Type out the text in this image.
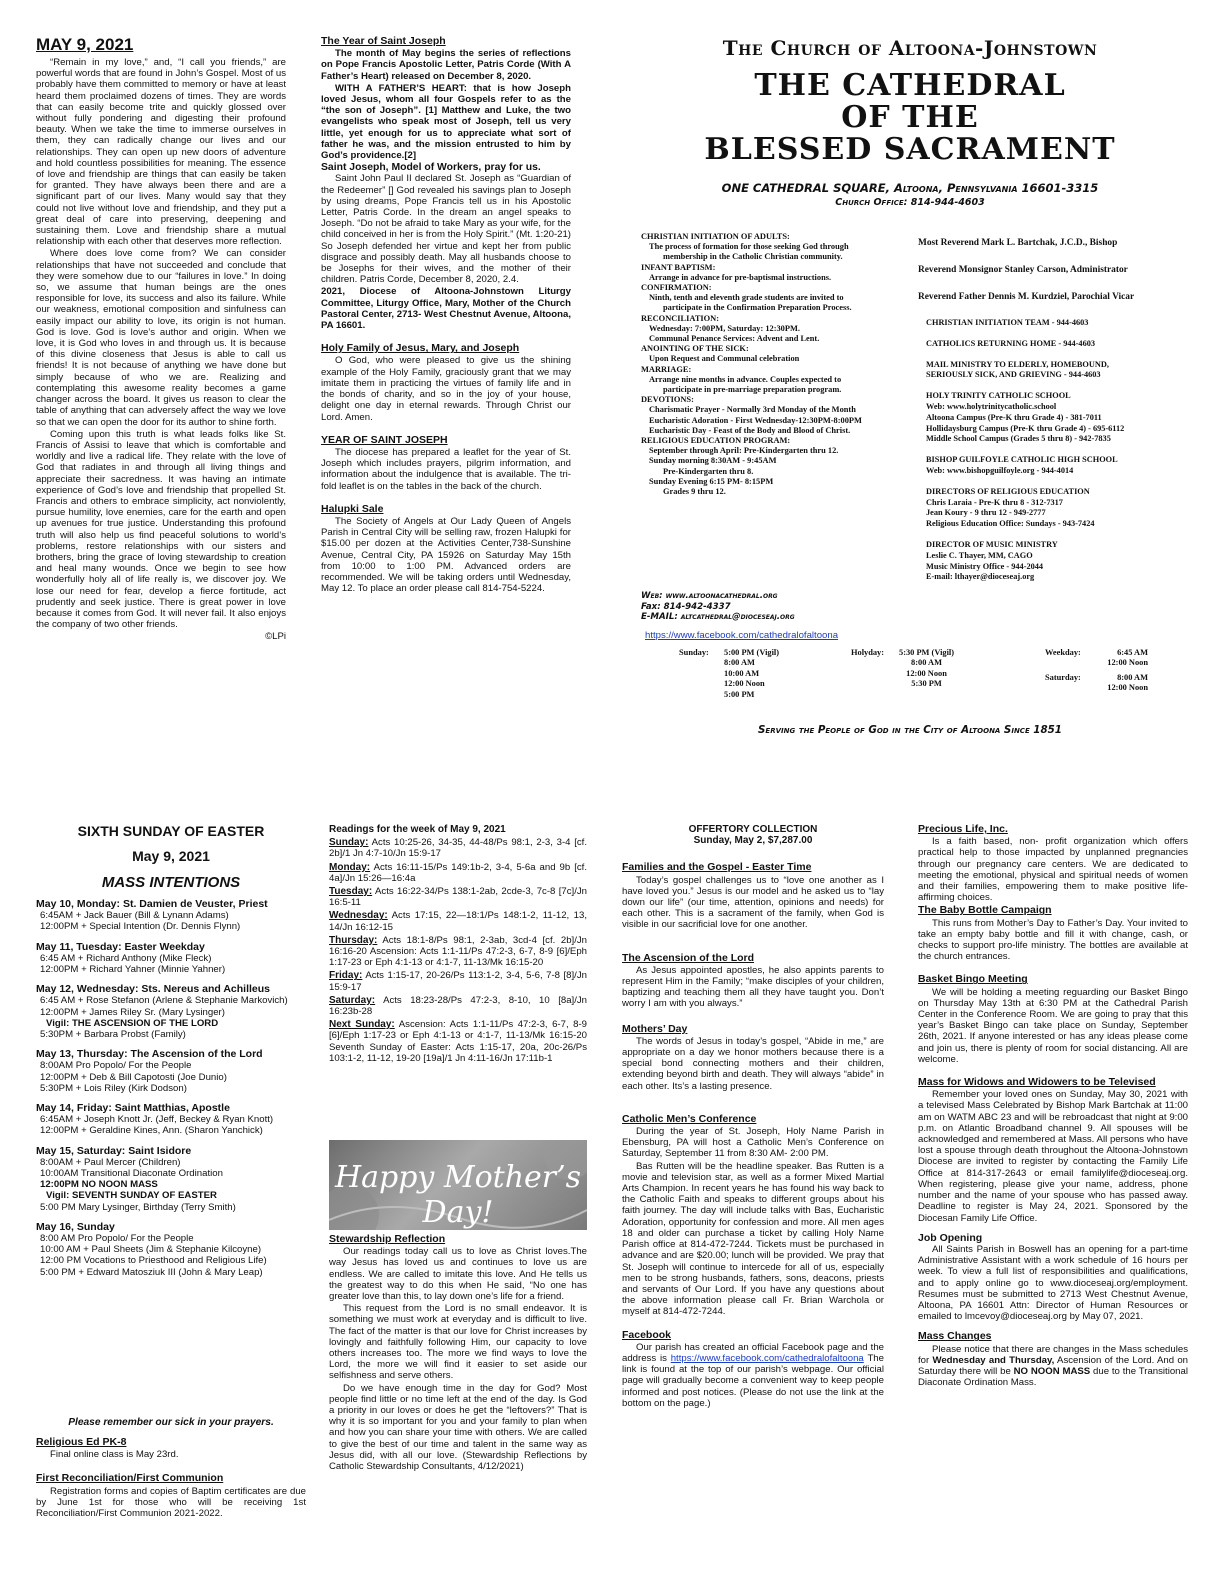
MAY 9, 2021

“Remain in my love,” and, “I call you friends,” are powerful words that are found in John’s Gospel. Most of us probably have them committed to memory or have at least heard them proclaimed dozens of times. They are words that can easily become trite and quickly glossed over without fully pondering and digesting their profound beauty. When we take the time to immerse ourselves in them, they can radically change our lives and our relationships. They can open up new doors of adventure and hold countless possibilities for meaning. The essence of love and friendship are things that can easily be taken for granted. They have always been there and are a significant part of our lives. Many would say that they could not live without love and friendship, and they put a great deal of care into preserving, deepening and sustaining them. Love and friendship share a mutual relationship with each other that deserves more reflection.

Where does love come from? We can consider relationships that have not succeeded and conclude that they were somehow due to our “failures in love.” In doing so, we assume that human beings are the ones responsible for love, its success and also its failure. While our weakness, emotional composition and sinfulness can easily impact our ability to love, its origin is not human. God is love. God is love’s author and origin. When we love, it is God who loves in and through us. It is because of this divine closeness that Jesus is able to call us friends! It is not because of anything we have done but simply because of who we are. Realizing and contemplating this awesome reality becomes a game changer across the board. It gives us reason to clear the table of anything that can adversely affect the way we love so that we can open the door for its author to shine forth.

Coming upon this truth is what leads folks like St. Francis of Assisi to leave that which is comfortable and worldly and live a radical life. They relate with the love of God that radiates in and through all living things and appreciate their sacredness. It was having an intimate experience of God’s love and friendship that propelled St. Francis and others to embrace simplicity, act nonviolently, pursue humility, love enemies, care for the earth and open up avenues for true justice. Understanding this profound truth will also help us find peaceful solutions to world’s problems, restore relationships with our sisters and brothers, bring the grace of loving stewardship to creation and heal many wounds. Once we begin to see how wonderfully holy all of life really is, we discover joy. We lose our need for fear, develop a fierce fortitude, act prudently and seek justice. There is great power in love because it comes from God. It will never fail. It also enjoys the company of two other friends.

©LPi
The Year of Saint Joseph

The month of May begins the series of reflections on Pope Francis Apostolic Letter, Patris Corde (With A Father’s Heart) released on December 8, 2020.

WITH A FATHER’S HEART: that is how Joseph loved Jesus, whom all four Gospels refer to as the “the son of Joseph”. [1] Matthew and Luke, the two evangelists who speak most of Joseph, tell us very little, yet enough for us to appreciate what sort of father he was, and the mission entrusted to him by God’s providence.[2]

Saint Joseph, Model of Workers, pray for us.

Saint John Paul II declared St. Joseph as “Guardian of the Redeemer” [] God revealed his savings plan to Joseph by using dreams, Pope Francis tell us in his Apostolic Letter, Patris Corde. In the dream an angel speaks to Joseph. “Do not be afraid to take Mary as your wife, for the child conceived in her is from the Holy Spirit.” (Mt. 1:20-21) So Joseph defended her virtue and kept her from public disgrace and possibly death. May all husbands choose to be Josephs for their wives, and the mother of their children. Patris Corde, December 8, 2020, 2.4.

2021, Diocese of Altoona-Johnstown Liturgy Committee, Liturgy Office, Mary, Mother of the Church Pastoral Center, 2713- West Chestnut Avenue, Altoona, PA 16601.

Holy Family of Jesus, Mary, and Joseph

O God, who were pleased to give us the shining example of the Holy Family, graciously grant that we may imitate them in practicing the virtues of family life and in the bonds of charity, and so in the joy of your house, delight one day in eternal rewards. Through Christ our Lord. Amen.

YEAR OF SAINT JOSEPH

The diocese has prepared a leaflet for the year of St. Joseph which includes prayers, pilgrim information, and information about the indulgence that is available. The tri-fold leaflet is on the tables in the back of the church.

Halupki Sale

The Society of Angels at Our Lady Queen of Angels Parish in Central City will be selling raw, frozen Halupki for $15.00 per dozen at the Activities Center,738-Sunshine Avenue, Central City, PA 15926 on Saturday May 15th from 10:00 to 1:00 PM. Advanced orders are recommended. We will be taking orders until Wednesday, May 12. To place an order please call 814-754-5224.

The Church of Altoona-Johnstown
THE CATHEDRAL
OF THE
BLESSED SACRAMENT
ONE CATHEDRAL SQUARE, Altoona, Pennsylvania 16601-3315
Church Office: 814-944-4603
CHRISTIAN INITIATION OF ADULTS:
The process of formation for those seeking God through
membership in the Catholic Christian community.
INFANT BAPTISM:
Arrange in advance for pre-baptismal instructions.
CONFIRMATION:
Ninth, tenth and eleventh grade students are invited to
participate in the Confirmation Preparation Process.
RECONCILIATION:
Wednesday: 7:00PM, Saturday: 12:30PM.
Communal Penance Services: Advent and Lent.
ANOINTING OF THE SICK:
Upon Request and Communal celebration
MARRIAGE:
Arrange nine months in advance. Couples expected to
participate in pre-marriage preparation program.
DEVOTIONS:
Charismatic Prayer - Normally 3rd Monday of the Month
Eucharistic Adoration - First Wednesday-12:30PM-8:00PM
Eucharistic Day - Feast of the Body and Blood of Christ.
RELIGIOUS EDUCATION PROGRAM:
September through April: Pre-Kindergarten thru 12.
Sunday morning 8:30AM - 9:45AM
Pre-Kindergarten thru 8.
Sunday Evening 6:15 PM- 8:15PM
Grades 9 thru 12.
Web: www.altoonacathedral.org
Fax: 814-942-4337
E-MAIL: altcathedral@dioceseaj.org
https://www.facebook.com/cathedralofaltoona
Most Reverend Mark L. Bartchak, J.C.D., Bishop
Reverend Monsignor Stanley Carson, Administrator
Reverend Father Dennis M. Kurdziel, Parochial Vicar
CHRISTIAN INITIATION TEAM - 944-4603
CATHOLICS RETURNING HOME - 944-4603
MAIL MINISTRY TO ELDERLY, HOMEBOUND,
SERIOUSLY SICK, AND GRIEVING - 944-4603
HOLY TRINITY CATHOLIC SCHOOL
Web: www.holytrinitycatholic.school
Altoona Campus (Pre-K thru Grade 4) - 381-7011
Hollidaysburg Campus (Pre-K thru Grade 4) - 695-6112
Middle School Campus (Grades 5 thru 8) - 942-7835
BISHOP GUILFOYLE CATHOLIC HIGH SCHOOL
Web: www.bishopguilfoyle.org - 944-4014
DIRECTORS OF RELIGIOUS EDUCATION
Chris Laraia - Pre-K thru 8 - 312-7317
Jean Koury - 9 thru 12 - 949-2777
Religious Education Office: Sundays - 943-7424
DIRECTOR OF MUSIC MINISTRY
Leslie C. Thayer, MM, CAGO
Music Ministry Office - 944-2044
E-mail: lthayer@dioceseaj.org
Sunday: 5:00 PM (Vigil)
8:00 AM
10:00 AM
12:00 Noon
5:00 PM
Holyday: 5:30 PM (Vigil)
8:00 AM
12:00 Noon
5:30 PM
Weekday:
Saturday:
6:45 AM
12:00 Noon
8:00 AM
12:00 Noon
Serving the People of God in the City of Altoona Since 1851
SIXTH SUNDAY OF EASTER
May 9, 2021
MASS INTENTIONS
May 10, Monday: St. Damien de Veuster, Priest
6:45AM + Jack Bauer (Bill & Lynann Adams)
12:00PM + Special Intention (Dr. Dennis Flynn)
May 11, Tuesday: Easter Weekday
6:45 AM + Richard Anthony (Mike Fleck)
12:00PM + Richard Yahner (Minnie Yahner)
May 12, Wednesday: Sts. Nereus and Achilleus
6:45 AM + Rose Stefanon (Arlene & Stephanie Markovich)
12:00PM + James Riley Sr. (Mary Lysinger)
Vigil: THE ASCENSION OF THE LORD
5:30PM + Barbara Probst (Family)
May 13, Thursday: The Ascension of the Lord
8:00AM Pro Popolo/ For the People
12:00PM + Deb & Bill Capotosti (Joe Dunio)
5:30PM + Lois Riley (Kirk Dodson)
May 14, Friday: Saint Matthias, Apostle
6:45AM + Joseph Knott Jr. (Jeff, Beckey & Ryan Knott)
12:00PM + Geraldine Kines, Ann. (Sharon Yanchick)
May 15, Saturday: Saint Isidore
8:00AM + Paul Mercer (Children)
10:00AM Transitional Diaconate Ordination
12:00PM NO NOON MASS
Vigil: SEVENTH SUNDAY OF EASTER
5:00 PM Mary Lysinger, Birthday (Terry Smith)
May 16, Sunday
8:00 AM Pro Popolo/ For the People
10:00 AM + Paul Sheets (Jim & Stephanie Kilcoyne)
12:00 PM Vocations to Priesthood and Religious Life)
5:00 PM + Edward Matosziuk III (John & Mary Leap)
Please remember our sick in your prayers.
Religious Ed PK-8

Final online class is May 23rd.

First Reconciliation/First Communion

Registration forms and copies of Baptim certificates are due by June 1st for those who will be receiving 1st Reconciliation/First Communion 2021-2022.

Readings for the week of May 9, 2021
Sunday: Acts 10:25-26, 34-35, 44-48/Ps 98:1, 2-3, 3-4 [cf. 2b]/1 Jn 4:7-10/Jn 15:9-17
Monday: Acts 16:11-15/Ps 149:1b-2, 3-4, 5-6a and 9b [cf. 4a]/Jn 15:26—16:4a
Tuesday: Acts 16:22-34/Ps 138:1-2ab, 2cde-3, 7c-8 [7c]/Jn 16:5-11
Wednesday: Acts 17:15, 22—18:1/Ps 148:1-2, 11-12, 13, 14/Jn 16:12-15
Thursday: Acts 18:1-8/Ps 98:1, 2-3ab, 3cd-4 [cf. 2b]/Jn 16:16-20 Ascension: Acts 1:1-11/Ps 47:2-3, 6-7, 8-9 [6]/Eph 1:17-23 or Eph 4:1-13 or 4:1-7, 11-13/Mk 16:15-20
Friday: Acts 1:15-17, 20-26/Ps 113:1-2, 3-4, 5-6, 7-8 [8]/Jn 15:9-17
Saturday: Acts 18:23-28/Ps 47:2-3, 8-10, 10 [8a]/Jn 16:23b-28
Next Sunday: Ascension: Acts 1:1-11/Ps 47:2-3, 6-7, 8-9 [6]/Eph 1:17-23 or Eph 4:1-13 or 4:1-7, 11-13/Mk 16:15-20 Seventh Sunday of Easter: Acts 1:15-17, 20a, 20c-26/Ps 103:1-2, 11-12, 19-20 [19a]/1 Jn 4:11-16/Jn 17:11b-1
Happy Mother’s Day!
Stewardship Reflection

Our readings today call us to love as Christ loves.The way Jesus has loved us and continues to love us are endless. We are called to imitate this love. And He tells us the greatest way to do this when He said, “No one has greater love than this, to lay down one’s life for a friend.

This request from the Lord is no small endeavor. It is something we must work at everyday and is difficult to live. The fact of the matter is that our love for Christ increases by lovingly and faithfully following Him, our capacity to love others increases too. The more we find ways to love the Lord, the more we will find it easier to set aside our selfishness and serve others.

Do we have enough time in the day for God? Most people find little or no time left at the end of the day. Is God a priority in our loves or does he get the “leftovers?” That is why it is so important for you and your family to plan when and how you can share your time with others. We are called to give the best of our time and talent in the same way as Jesus did, with all our love. (Stewardship Reflections by Catholic Stewardship Consultants, 4/12/2021)

OFFERTORY COLLECTION
Sunday, May 2, $7,287.00
Families and the Gospel - Easter Time

Today’s gospel challenges us to “love one another as I have loved you.” Jesus is our model and he asked us to “lay down our life” (our time, attention, opinions and needs) for each other. This is a sacrament of the family, when God is visible in our sacrificial love for one another.

The Ascension of the Lord

As Jesus appointed apostles, he also appints parents to represent Him in the Family; “make disciples of your children, baptizing and teaching them all they have taught you. Don’t worry I am with you always.”

Mothers’ Day

The words of Jesus in today’s gospel, “Abide in me,” are appropriate on a day we honor mothers because there is a special bond connecting mothers and their children, extending beyond birth and death. They will always “abide” in each other. Its’s a lasting presence.

Catholic Men’s Conference

During the year of St. Joseph, Holy Name Parish in Ebensburg, PA will host a Catholic Men’s Conference on Saturday, September 11 from 8:30 AM- 2:00 PM.

Bas Rutten will be the headline speaker. Bas Rutten is a movie and television star, as well as a former Mixed Martial Arts Champion. In recent years he has found his way back to the Catholic Faith and speaks to different groups about his faith journey. The day will include talks with Bas, Eucharistic Adoration, opportunity for confession and more. All men ages 18 and older can purchase a ticket by calling Holy Name Parish office at 814-472-7244. Tickets must be purchased in advance and are $20.00; lunch will be provided. We pray that St. Joseph will continue to intercede for all of us, especially men to be strong husbands, fathers, sons, deacons, priests and servants of Our Lord. If you have any questions about the above information please call Fr. Brian Warchola or myself at 814-472-7244.

Facebook

Our parish has created an official Facebook page and the address is https://www.facebook.com/cathedralofaltoona The link is found at the top of our parish’s webpage. Our official page will gradually become a convenient way to keep people informed and post notices. (Please do not use the link at the bottom on the page.)

Precious Life, Inc.

Is a faith based, non- profit organization which offers practical help to those impacted by unplanned pregnancies through our pregnancy care centers. We are dedicated to meeting the emotional, physical and spiritual needs of women and their families, empowering them to make positive life-affirming choices.

The Baby Bottle Campaign

This runs from Mother’s Day to Father’s Day. Your invited to take an empty baby bottle and fill it with change, cash, or checks to support pro-life ministry. The bottles are available at the church entrances.

Basket Bingo Meeting

We will be holding a meeting reguarding our Basket Bingo on Thursday May 13th at 6:30 PM at the Cathedral Parish Center in the Conference Room. We are going to pray that this year’s Basket Bingo can take place on Sunday, September 26th, 2021. If anyone interested or has any ideas please come and join us, there is plenty of room for social distancing. All are welcome.

Mass for Widows and Widowers to be Televised

Remember your loved ones on Sunday, May 30, 2021 with a televised Mass Celebrated by Bishop Mark Bartchak at 11:00 am on WATM ABC 23 and will be rebroadcast that night at 9:00 p.m. on Atlantic Broadband channel 9. All spouses will be acknowledged and remembered at Mass. All persons who have lost a spouse through death throughout the Altoona-Johnstown Diocese are invited to register by contacting the Family Life Office at 814-317-2643 or email familylife@dioceseaj.org. When registering, please give your name, address, phone number and the name of your spouse who has passed away. Deadline to register is May 24, 2021. Sponsored by the Diocesan Family Life Office.

Job Opening

All Saints Parish in Boswell has an opening for a part-time Administrative Assistant with a work schedule of 16 hours per week. To view a full list of responsibilities and qualifications, and to apply online go to www.dioceseaj.org/employment. Resumes must be submitted to 2713 West Chestnut Avenue, Altoona, PA 16601 Attn: Director of Human Resources or emailed to lmcevoy@dioceseaj.org by May 07, 2021.

Mass Changes

Please notice that there are changes in the Mass schedules for Wednesday and Thursday, Ascension of the Lord. And on Saturday there will be NO NOON MASS due to the Transitional Diaconate Ordination Mass.
